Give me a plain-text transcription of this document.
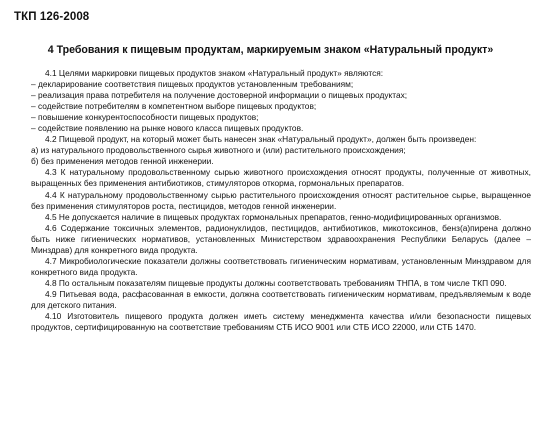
ТКП 126-2008
4 Требования к пищевым продуктам, маркируемым знаком «Натуральный продукт»

4.1 Целями маркировки пищевых продуктов знаком «Натуральный продукт» являются:

– декларирование соответствия пищевых продуктов установленным требованиям;

– реализация права потребителя на получение достоверной информации о пищевых продуктах;

– содействие потребителям в компетентном выборе пищевых продуктов;

– повышение конкурентоспособности пищевых продуктов;

– содействие появлению на рынке нового класса пищевых продуктов.

4.2 Пищевой продукт, на который может быть нанесен знак «Натуральный продукт», должен быть произведен:

а) из натурального продовольственного сырья животного и (или) растительного происхождения;

б) без применения методов генной инженерии.

4.3 К натуральному продовольственному сырью животного происхождения относят продукты, полученные от животных, выращенных без применения антибиотиков, стимуляторов откорма, гормональных препаратов.

4.4 К натуральному продовольственному сырью растительного происхождения относят растительное сырье, выращенное без применения стимуляторов роста, пестицидов, методов генной инженерии.

4.5 Не допускается наличие в пищевых продуктах гормональных препаратов, генно-модифицированных организмов.

4.6 Содержание токсичных элементов, радионуклидов, пестицидов, антибиотиков, микотоксинов, бенз(а)пирена должно быть ниже гигиенических нормативов, установленных Министерством здравоохранения Республики Беларусь (далее – Минздрав) для конкретного вида продукта.

4.7 Микробиологические показатели должны соответствовать гигиеническим нормативам, установленным Минздравом для конкретного вида продукта.

4.8 По остальным показателям пищевые продукты должны соответствовать требованиям ТНПА, в том числе ТКП 090.

4.9 Питьевая вода, расфасованная в емкости, должна соответствовать гигиеническим нормативам, предъявляемым к воде для детского питания.

4.10 Изготовитель пищевого продукта должен иметь систему менеджмента качества и/или безопасности пищевых продуктов, сертифицированную на соответствие требованиям СТБ ИСО 9001 или СТБ ИСО 22000, или СТБ 1470.
